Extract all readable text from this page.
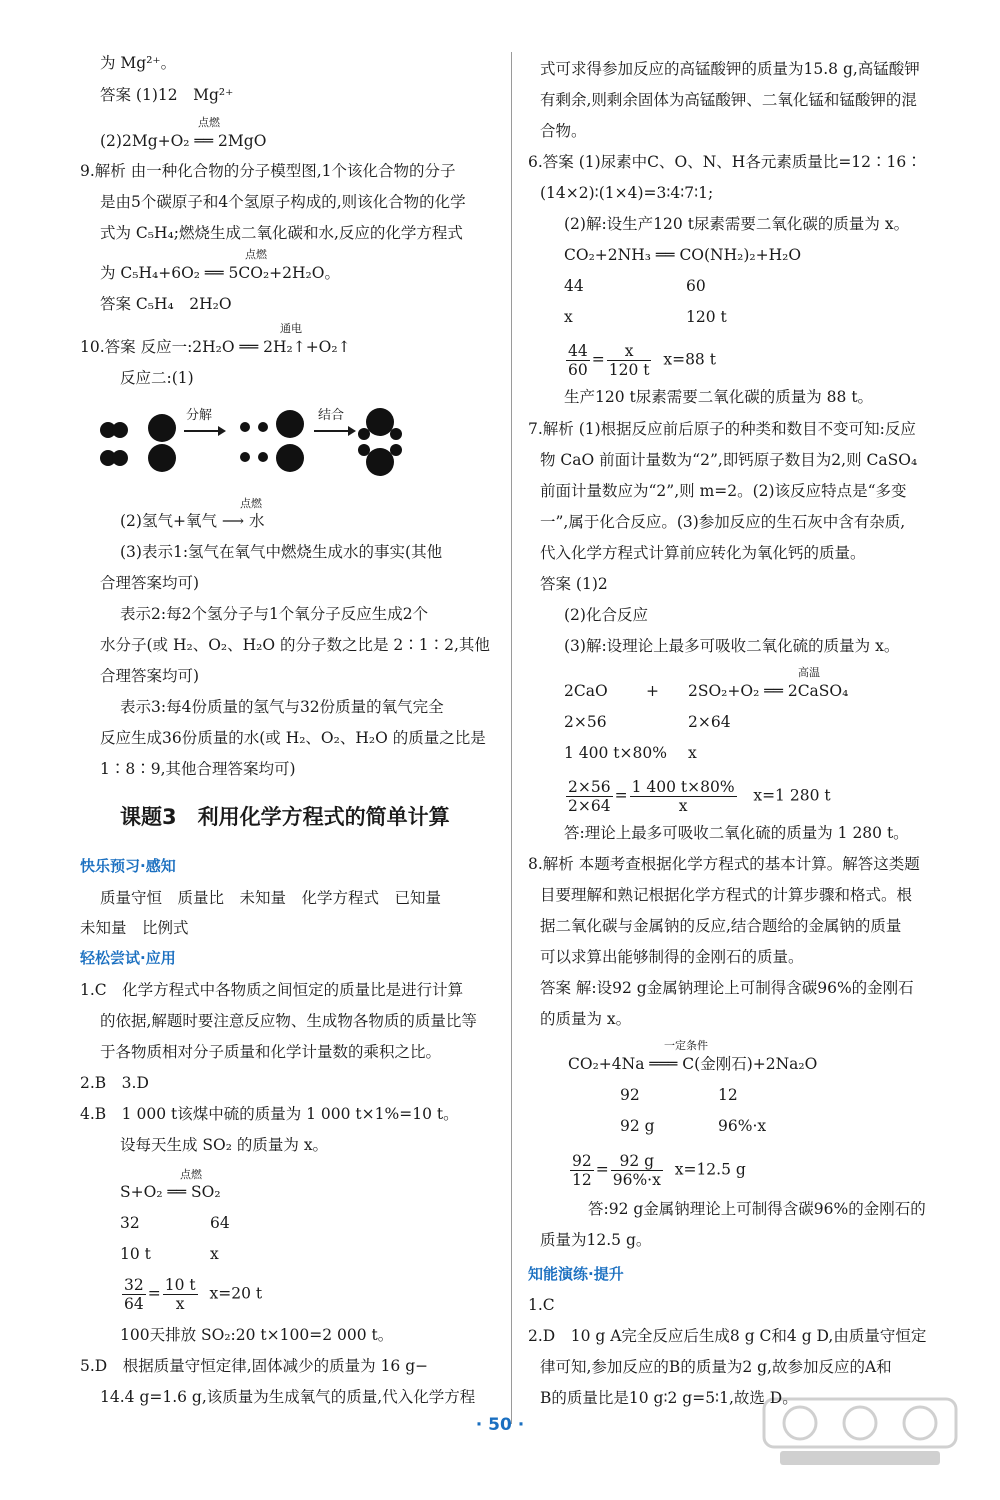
为 Mg²⁺。
答案 (1)12　Mg²⁺
(2)2Mg+O₂ ══ 2MgO
点燃
9.解析 由一种化合物的分子模型图,1个该化合物的分子
是由5个碳原子和4个氢原子构成的,则该化合物的化学
式为 C₅H₄;燃烧生成二氧化碳和水,反应的化学方程式
为 C₅H₄+6O₂ ══ 5CO₂+2H₂O。
点燃
答案 C₅H₄　2H₂O
10.答案 反应一:2H₂O ══ 2H₂↑+O₂↑
通电
反应二:(1)
分解	结合
(2)氢气+氧气 ⟶ 水
点燃
(3)表示1:氢气在氧气中燃烧生成水的事实(其他
合理答案均可)
表示2:每2个氢分子与1个氧分子反应生成2个
水分子(或 H₂、O₂、H₂O 的分子数之比是 2∶1∶2,其他
合理答案均可)
表示3:每4份质量的氢气与32份质量的氧气完全
反应生成36份质量的水(或 H₂、O₂、H₂O 的质量之比是
1∶8∶9,其他合理答案均可)
课题3　利用化学方程式的简单计算
快乐预习·感知
质量守恒　质量比　未知量　化学方程式　已知量
未知量　比例式
轻松尝试·应用
1.C　化学方程式中各物质之间恒定的质量比是进行计算
的依据,解题时要注意反应物、生成物各物质的质量比等
于各物质相对分子质量和化学计量数的乘积之比。
2.B　3.D
4.B　1 000 t该煤中硫的质量为 1 000 t×1%=10 t。
设每天生成 SO₂ 的质量为 x。
S+O₂ ══ SO₂
点燃
32	64
10 t	x
$\frac{32}{64} = \frac{10 t}{x} x=20$ t
100天排放 SO₂:20 t×100=2 000 t。
5.D　根据质量守恒定律,固体减少的质量为 16 g−
14.4 g=1.6 g,该质量为生成氧气的质量,代入化学方程
式可求得参加反应的高锰酸钾的质量为15.8 g,高锰酸钾
有剩余,则剩余固体为高锰酸钾、二氧化锰和锰酸钾的混
合物。
6.答案 (1)尿素中C、O、N、H各元素质量比=12∶16∶
(14×2)∶(1×4)=3∶4∶7∶1;
(2)解:设生产120 t尿素需要二氧化碳的质量为 x。
CO₂+2NH₃ ══ CO(NH₂)₂+H₂O
44	60
x	120 t
$\frac{44}{60} = \frac{x}{120 t} x=88$ t
生产120 t尿素需要二氧化碳的质量为 88 t。
7.解析 (1)根据反应前后原子的种类和数目不变可知:反应
物 CaO 前面计量数为“2”,即钙原子数目为2,则 CaSO₄
前面计量数应为“2”,则 m=2。(2)该反应特点是“多变
一”,属于化合反应。(3)参加反应的生石灰中含有杂质,
代入化学方程式计算前应转化为氧化钙的质量。
答案 (1)2
(2)化合反应
(3)解:设理论上最多可吸收二氧化硫的质量为 x。
2CaO + 2SO₂+O₂ ══ 2CaSO₄
高温
2×56	2×64
1 400 t×80% x
$\frac{2\times 56}{2\times 64} = \frac{1 400 t\times 80\%}{x} x=1$ 280 t
答:理论上最多可吸收二氧化硫的质量为 1 280 t。
8.解析 本题考查根据化学方程式的基本计算。解答这类题
目要理解和熟记根据化学方程式的计算步骤和格式。根
据二氧化碳与金属钠的反应,结合题给的金属钠的质量
可以求算出能够制得的金刚石的质量。
答案 解:设92 g金属钠理论上可制得含碳96%的金刚石
的质量为 x。
CO₂+4Na ═══ C(金刚石)+2Na₂O
一定条件
92	12
92 g	96%·x
$\frac{92}{12} = \frac{92 g}{96\%\cdot x} x=12.5$ g
答:92 g金属钠理论上可制得含碳96%的金刚石的
质量为12.5 g。
知能演练·提升
1.C
2.D　10 g A完全反应后生成8 g C和4 g D,由质量守恒定
律可知,参加反应的B的质量为2 g,故参加反应的A和
B的质量比是10 g∶2 g=5∶1,故选 D。
· 50 ·
